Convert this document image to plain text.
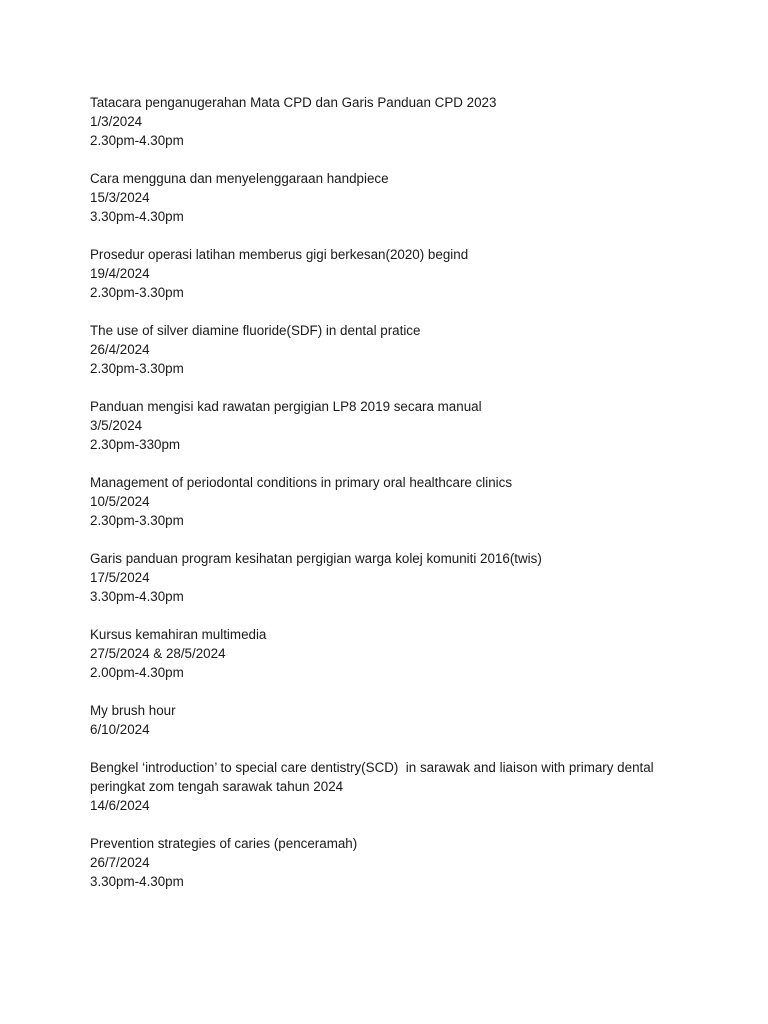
Tatacara penganugerahan Mata CPD dan Garis Panduan CPD 2023
1/3/2024
2.30pm-4.30pm
Cara mengguna dan menyelenggaraan handpiece
15/3/2024
3.30pm-4.30pm
Prosedur operasi latihan memberus gigi berkesan(2020) begind
19/4/2024
2.30pm-3.30pm
The use of silver diamine fluoride(SDF) in dental pratice
26/4/2024
2.30pm-3.30pm
Panduan mengisi kad rawatan pergigian LP8 2019 secara manual
3/5/2024
2.30pm-330pm
Management of periodontal conditions in primary oral healthcare clinics
10/5/2024
2.30pm-3.30pm
Garis panduan program kesihatan pergigian warga kolej komuniti 2016(twis)
17/5/2024
3.30pm-4.30pm
Kursus kemahiran multimedia
27/5/2024 & 28/5/2024
2.00pm-4.30pm
My brush hour
6/10/2024
Bengkel ‘introduction’ to special care dentistry(SCD)  in sarawak and liaison with primary dental
peringkat zom tengah sarawak tahun 2024
14/6/2024
Prevention strategies of caries (penceramah)
26/7/2024
3.30pm-4.30pm
